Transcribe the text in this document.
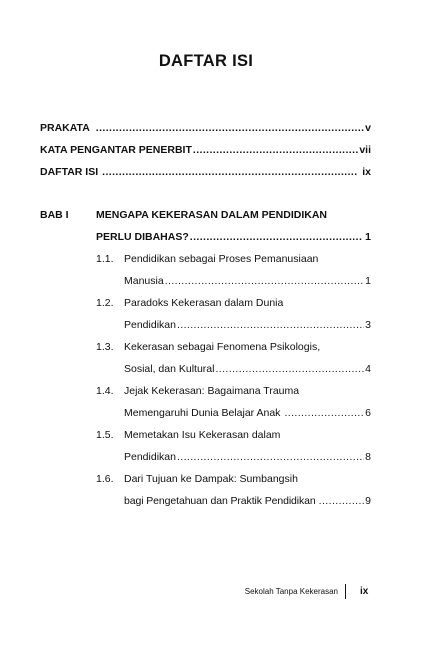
DAFTAR ISI
PRAKATA .....	v
KATA PENGANTAR PENERBIT .....	vii
DAFTAR ISI .....	ix
BAB I	MENGAPA KEKERASAN DALAM PENDIDIKAN
PERLU DIBAHAS? .....	1
1.1. Pendidikan sebagai Proses Pemanusiaan
Manusia .....	1
1.2. Paradoks Kekerasan dalam Dunia
Pendidikan .....	3
1.3. Kekerasan sebagai Fenomena Psikologis,
Sosial, dan Kultural .....	4
1.4. Jejak Kekerasan: Bagaimana Trauma
Memengaruhi Dunia Belajar Anak .....	6
1.5. Memetakan Isu Kekerasan dalam
Pendidikan .....	8
1.6. Dari Tujuan ke Dampak: Sumbangsih
bagi Pengetahuan dan Praktik Pendidikan .....	9
Sekolah Tanpa Kekerasan ix
